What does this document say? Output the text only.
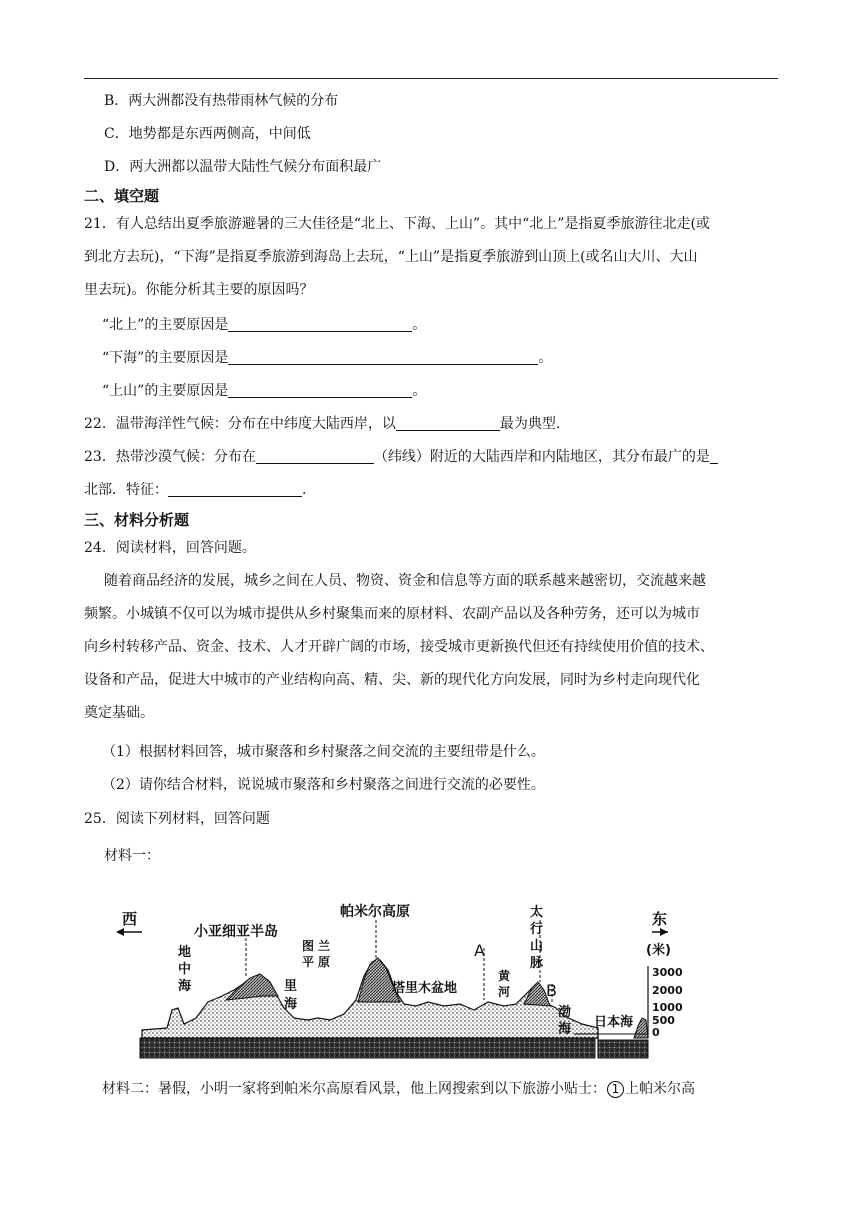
B．两大洲都没有热带雨林气候的分布
C．地势都是东西两侧高，中间低
D．两大洲都以温带大陆性气候分布面积最广
二、填空题
21．有人总结出夏季旅游避暑的三大佳径是“北上、下海、上山”。其中“北上”是指夏季旅游往北走(或
到北方去玩)，“下海”是指夏季旅游到海岛上去玩，“上山”是指夏季旅游到山顶上(或名山大川、大山
里去玩)。你能分析其主要的原因吗？
“北上”的主要原因是	。
“下海”的主要原因是	。
“上山”的主要原因是	。
22．温带海洋性气候：分布在中纬度大陆西岸，以	最为典型.
23．热带沙漠气候：分布在	（纬线）附近的大陆西岸和内陆地区，其分布最广的是
北部．特征：	.
三、材料分析题
24．阅读材料，回答问题。
随着商品经济的发展，城乡之间在人员、物资、资金和信息等方面的联系越来越密切，交流越来越
频繁。小城镇不仅可以为城市提供从乡村聚集而来的原材料、农副产品以及各种劳务，还可以为城市
向乡村转移产品、资金、技术、人才开辟广阔的市场，接受城市更新换代但还有持续使用价值的技术、
设备和产品，促进大中城市的产业结构向高、精、尖、新的现代化方向发展，同时为乡村走向现代化
奠定基础。
（1）根据材料回答，城市聚落和乡村聚落之间交流的主要纽带是什么。
（2）请你结合材料，说说城市聚落和乡村聚落之间进行交流的必要性。
25．阅读下列材料，回答问题
材料一：
西	东
(米)
3000
2000
1000
500
0
帕米尔高原
小亚细亚半岛
地
中
海	里
海
图 兰
平 原
塔里木盆地
A
黄
河
太
行
山
脉
B
渤
海 日本海
材料二：暑假，小明一家将到帕米尔高原看风景，他上网搜索到以下旅游小贴士： 1 上帕米尔高
